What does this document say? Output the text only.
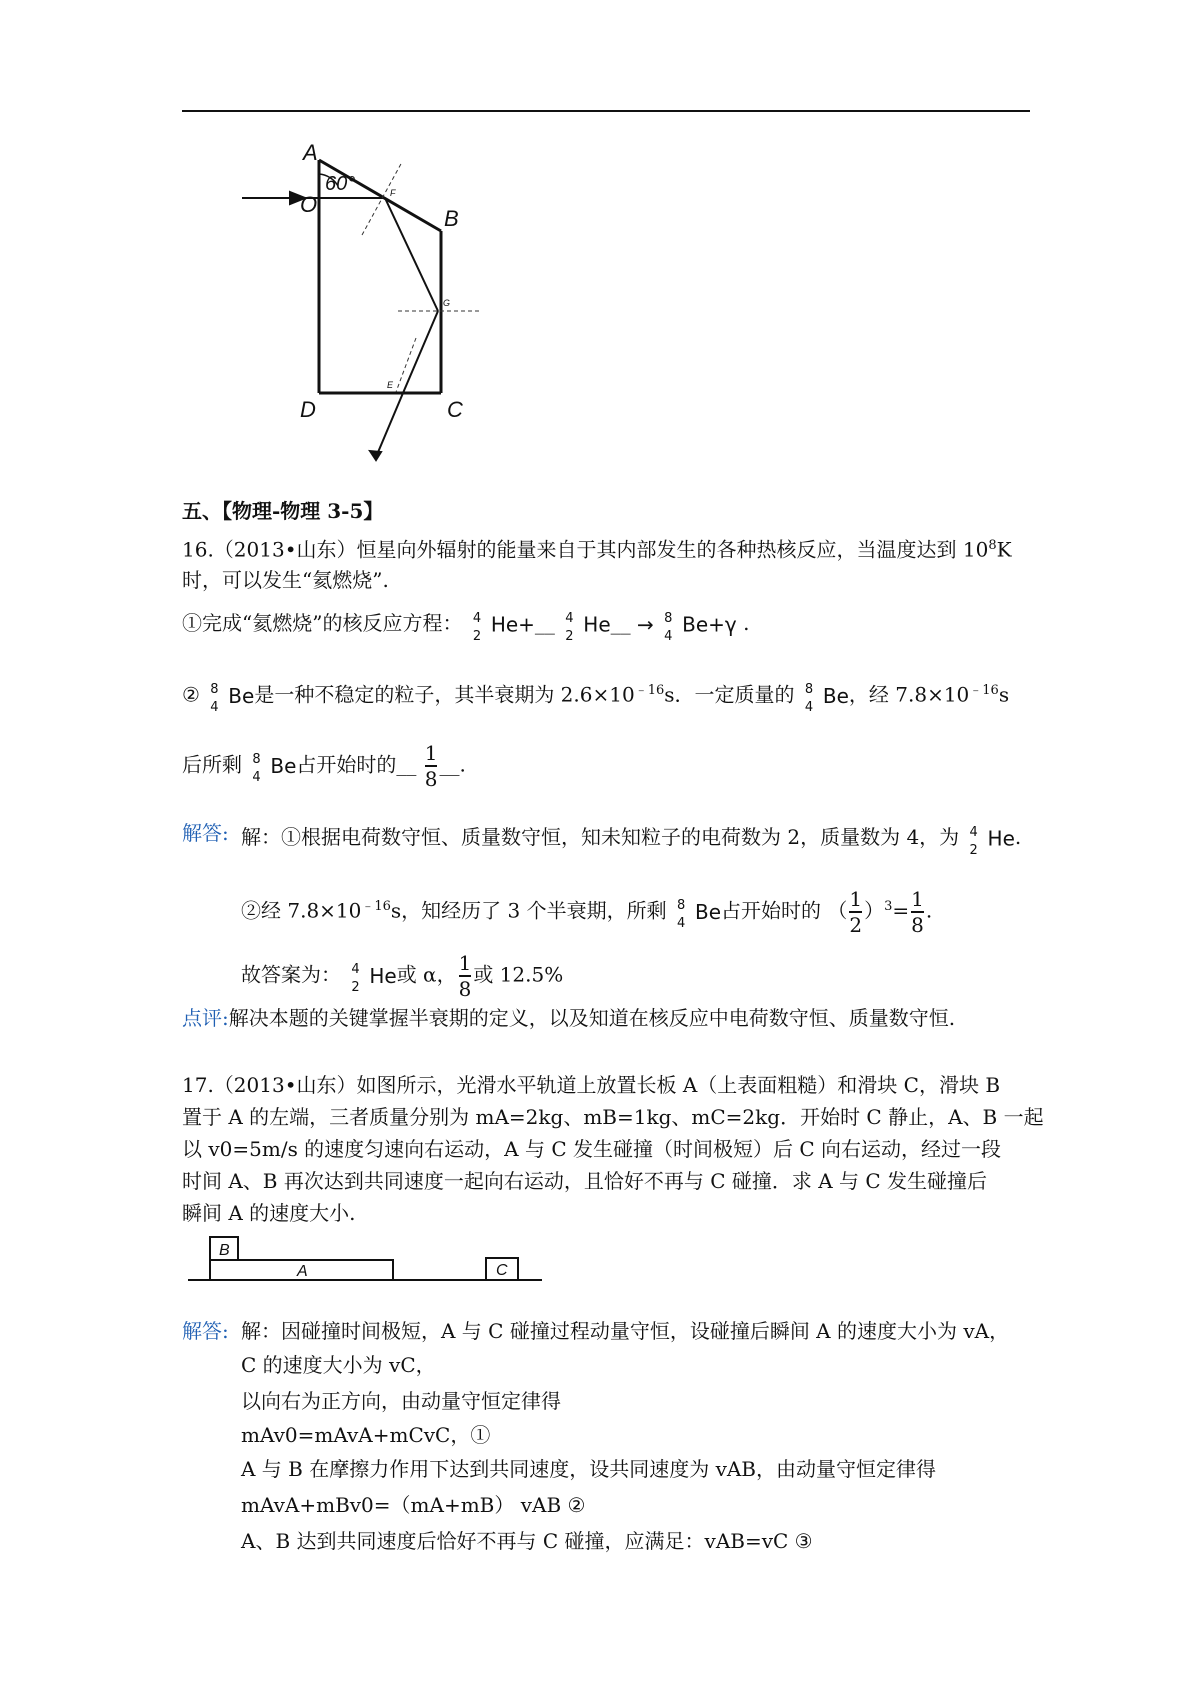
A
O
60°	F
B
G
D
E
C
五、【物理-物理 3-5】
16.（2013•山东）恒星向外辐射的能量来自于其内部发生的各种热核反应，当温度达到 $10^8K$
时，可以发生“氦燃烧”.
①完成“氦燃烧”的核反应方程： 4
2 He+__ 4
2 He__ → 8
4 Be+γ .
② 8
4 Be是一种不稳定的粒子，其半衰期为 $2.6\times 10^{﹣16}s$．一定质量的 8
4 Be，经 $7.8\times 10^{﹣16}s$
后所剩 8
4 Be占开始时的__ $\frac{1}{8}$ __.
解答: 解：①根据电荷数守恒、质量数守恒，知未知粒子的电荷数为 2，质量数为 4，为 4
2 He.
②经 $7.8\times 10^{﹣16}s$，知经历了 3 个半衰期，所剩 8
4 Be占开始时的 （ $\frac{1}{2} )^3= \frac{1}{8}$ .
故答案为： 4
2 He或 α， $\frac{1}{8}$ 或 12.5%
点评:解决本题的关键掌握半衰期的定义，以及知道在核反应中电荷数守恒、质量数守恒.
17.（2013•山东）如图所示，光滑水平轨道上放置长板 A（上表面粗糙）和滑块 C，滑块 B
置于 A 的左端，三者质量分别为 mA=2kg、mB=1kg、mC=2kg．开始时 C 静止，A、B 一起
以 v0=5m/s 的速度匀速向右运动，A 与 C 发生碰撞（时间极短）后 C 向右运动，经过一段
时间 A、B 再次达到共同速度一起向右运动，且恰好不再与 C 碰撞．求 A 与 C 发生碰撞后
瞬间 A 的速度大小.
B
A	C
解答: 解：因碰撞时间极短，A 与 C 碰撞过程动量守恒，设碰撞后瞬间 A 的速度大小为 vA，
C 的速度大小为 vC，
以向右为正方向，由动量守恒定律得
mAv0=mAvA+mCvC，①
A 与 B 在摩擦力作用下达到共同速度，设共同速度为 vAB，由动量守恒定律得
mAvA+mBv0=（mA+mB） vAB ②
A、B 达到共同速度后恰好不再与 C 碰撞，应满足：vAB=vC ③
